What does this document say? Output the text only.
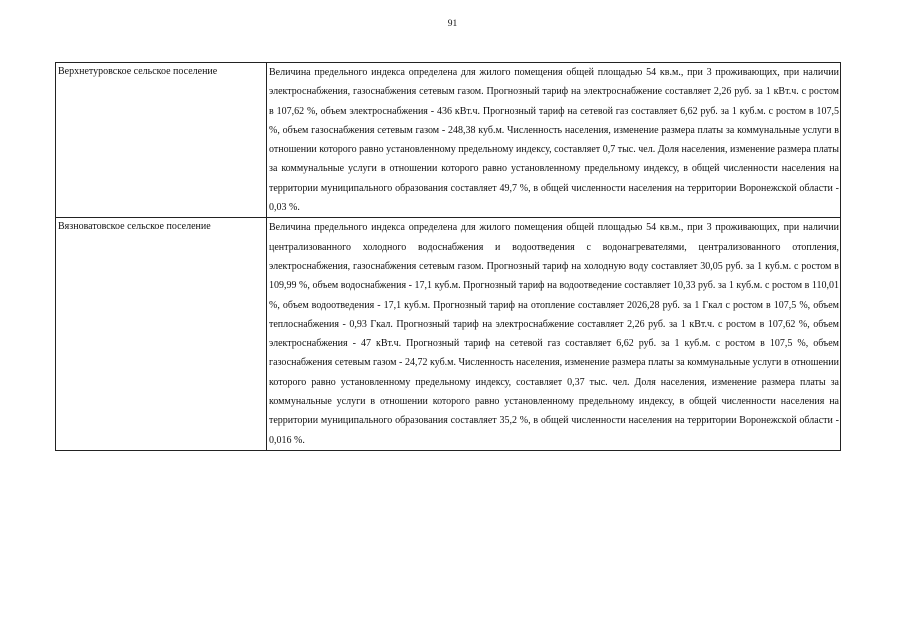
91
Верхнетуровское сельское поселение	Величина предельного индекса определена для жилого помещения общей площадью 54 кв.м., при 3 проживающих, при наличии электроснабжения, газоснабжения сетевым газом. Прогнозный тариф на электроснабжение составляет 2,26 руб. за 1 кВт.ч. с ростом в 107,62 %, объем электроснабжения - 436 кВт.ч. Прогнозный тариф на сетевой газ составляет 6,62 руб. за 1 куб.м. с ростом в 107,5 %, объем газоснабжения сетевым газом - 248,38 куб.м. Численность населения, изменение размера платы за коммунальные услуги в отношении которого равно установленному предельному индексу, составляет 0,7 тыс. чел. Доля населения, изменение размера платы за коммунальные услуги в отношении которого равно установленному предельному индексу, в общей численности населения на территории муниципального образования составляет 49,7 %, в общей численности населения на территории Воронежской области - 0,03 %.

Вязноватовское сельское поселение	Величина предельного индекса определена для жилого помещения общей площадью 54 кв.м., при 3 проживающих, при наличии централизованного холодного водоснабжения и водоотведения с водонагревателями, централизованного отопления, электроснабжения, газоснабжения сетевым газом. Прогнозный тариф на холодную воду составляет 30,05 руб. за 1 куб.м. с ростом в 109,99 %, объем водоснабжения - 17,1 куб.м. Прогнозный тариф на водоотведение составляет 10,33 руб. за 1 куб.м. с ростом в 110,01 %, объем водоотведения - 17,1 куб.м. Прогнозный тариф на отопление составляет 2026,28 руб. за 1 Гкал с ростом в 107,5 %, объем теплоснабжения - 0,93 Гкал. Прогнозный тариф на электроснабжение составляет 2,26 руб. за 1 кВт.ч. с ростом в 107,62 %, объем электроснабжения - 47 кВт.ч. Прогнозный тариф на сетевой газ составляет 6,62 руб. за 1 куб.м. с ростом в 107,5 %, объем газоснабжения сетевым газом - 24,72 куб.м. Численность населения, изменение размера платы за коммунальные услуги в отношении которого равно установленному предельному индексу, составляет 0,37 тыс. чел. Доля населения, изменение размера платы за коммунальные услуги в отношении которого равно установленному предельному индексу, в общей численности населения на территории муниципального образования составляет 35,2 %, в общей численности населения на территории Воронежской области - 0,016 %.
